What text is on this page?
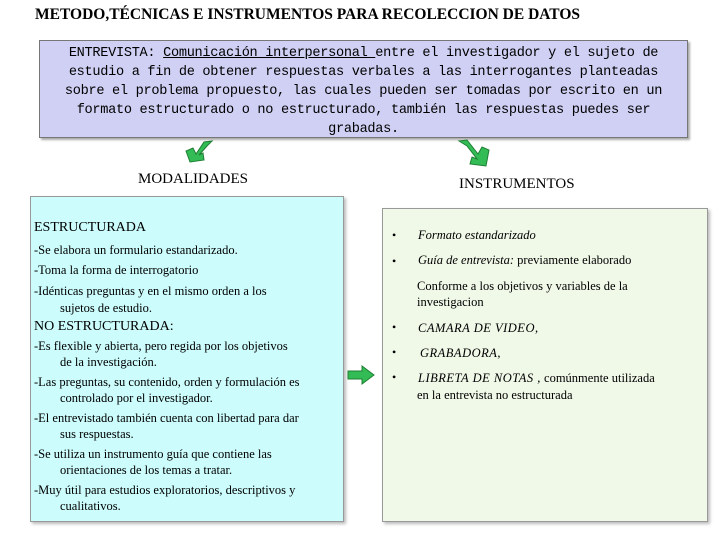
METODO,TÉCNICAS E INSTRUMENTOS PARA RECOLECCION DE DATOS
ENTREVISTA: Comunicación interpersonal entre el investigador y el sujeto de estudio a fin de obtener respuestas verbales a las interrogantes planteadas sobre el problema propuesto, las cuales pueden ser tomadas por escrito en un formato estructurado o no estructurado, también las respuestas puedes ser grabadas.
MODALIDADES	INSTRUMENTOS
ESTRUCTURADA
-Se elabora un formulario estandarizado.
-Toma la forma de interrogatorio
-Idénticas preguntas y en el mismo orden a los
sujetos de estudio.
NO ESTRUCTURADA:
-Es flexible y abierta, pero regida por los objetivos
de la investigación.
-Las preguntas, su contenido, orden y formulación es
controlado por el investigador.
-El entrevistado también cuenta con libertad para dar
sus respuestas.
-Se utiliza un instrumento guía que contiene las
orientaciones de los temas a tratar.
-Muy útil para estudios exploratorios, descriptivos y
cualitativos.
•
•
•
•
•
Formato estandarizado
Guía de entrevista: previamente elaborado
Conforme a los objetivos y variables de la
investigacion
CAMARA DE VIDEO,
GRABADORA,
LIBRETA DE NOTAS , comúnmente utilizada
en la entrevista no estructurada
